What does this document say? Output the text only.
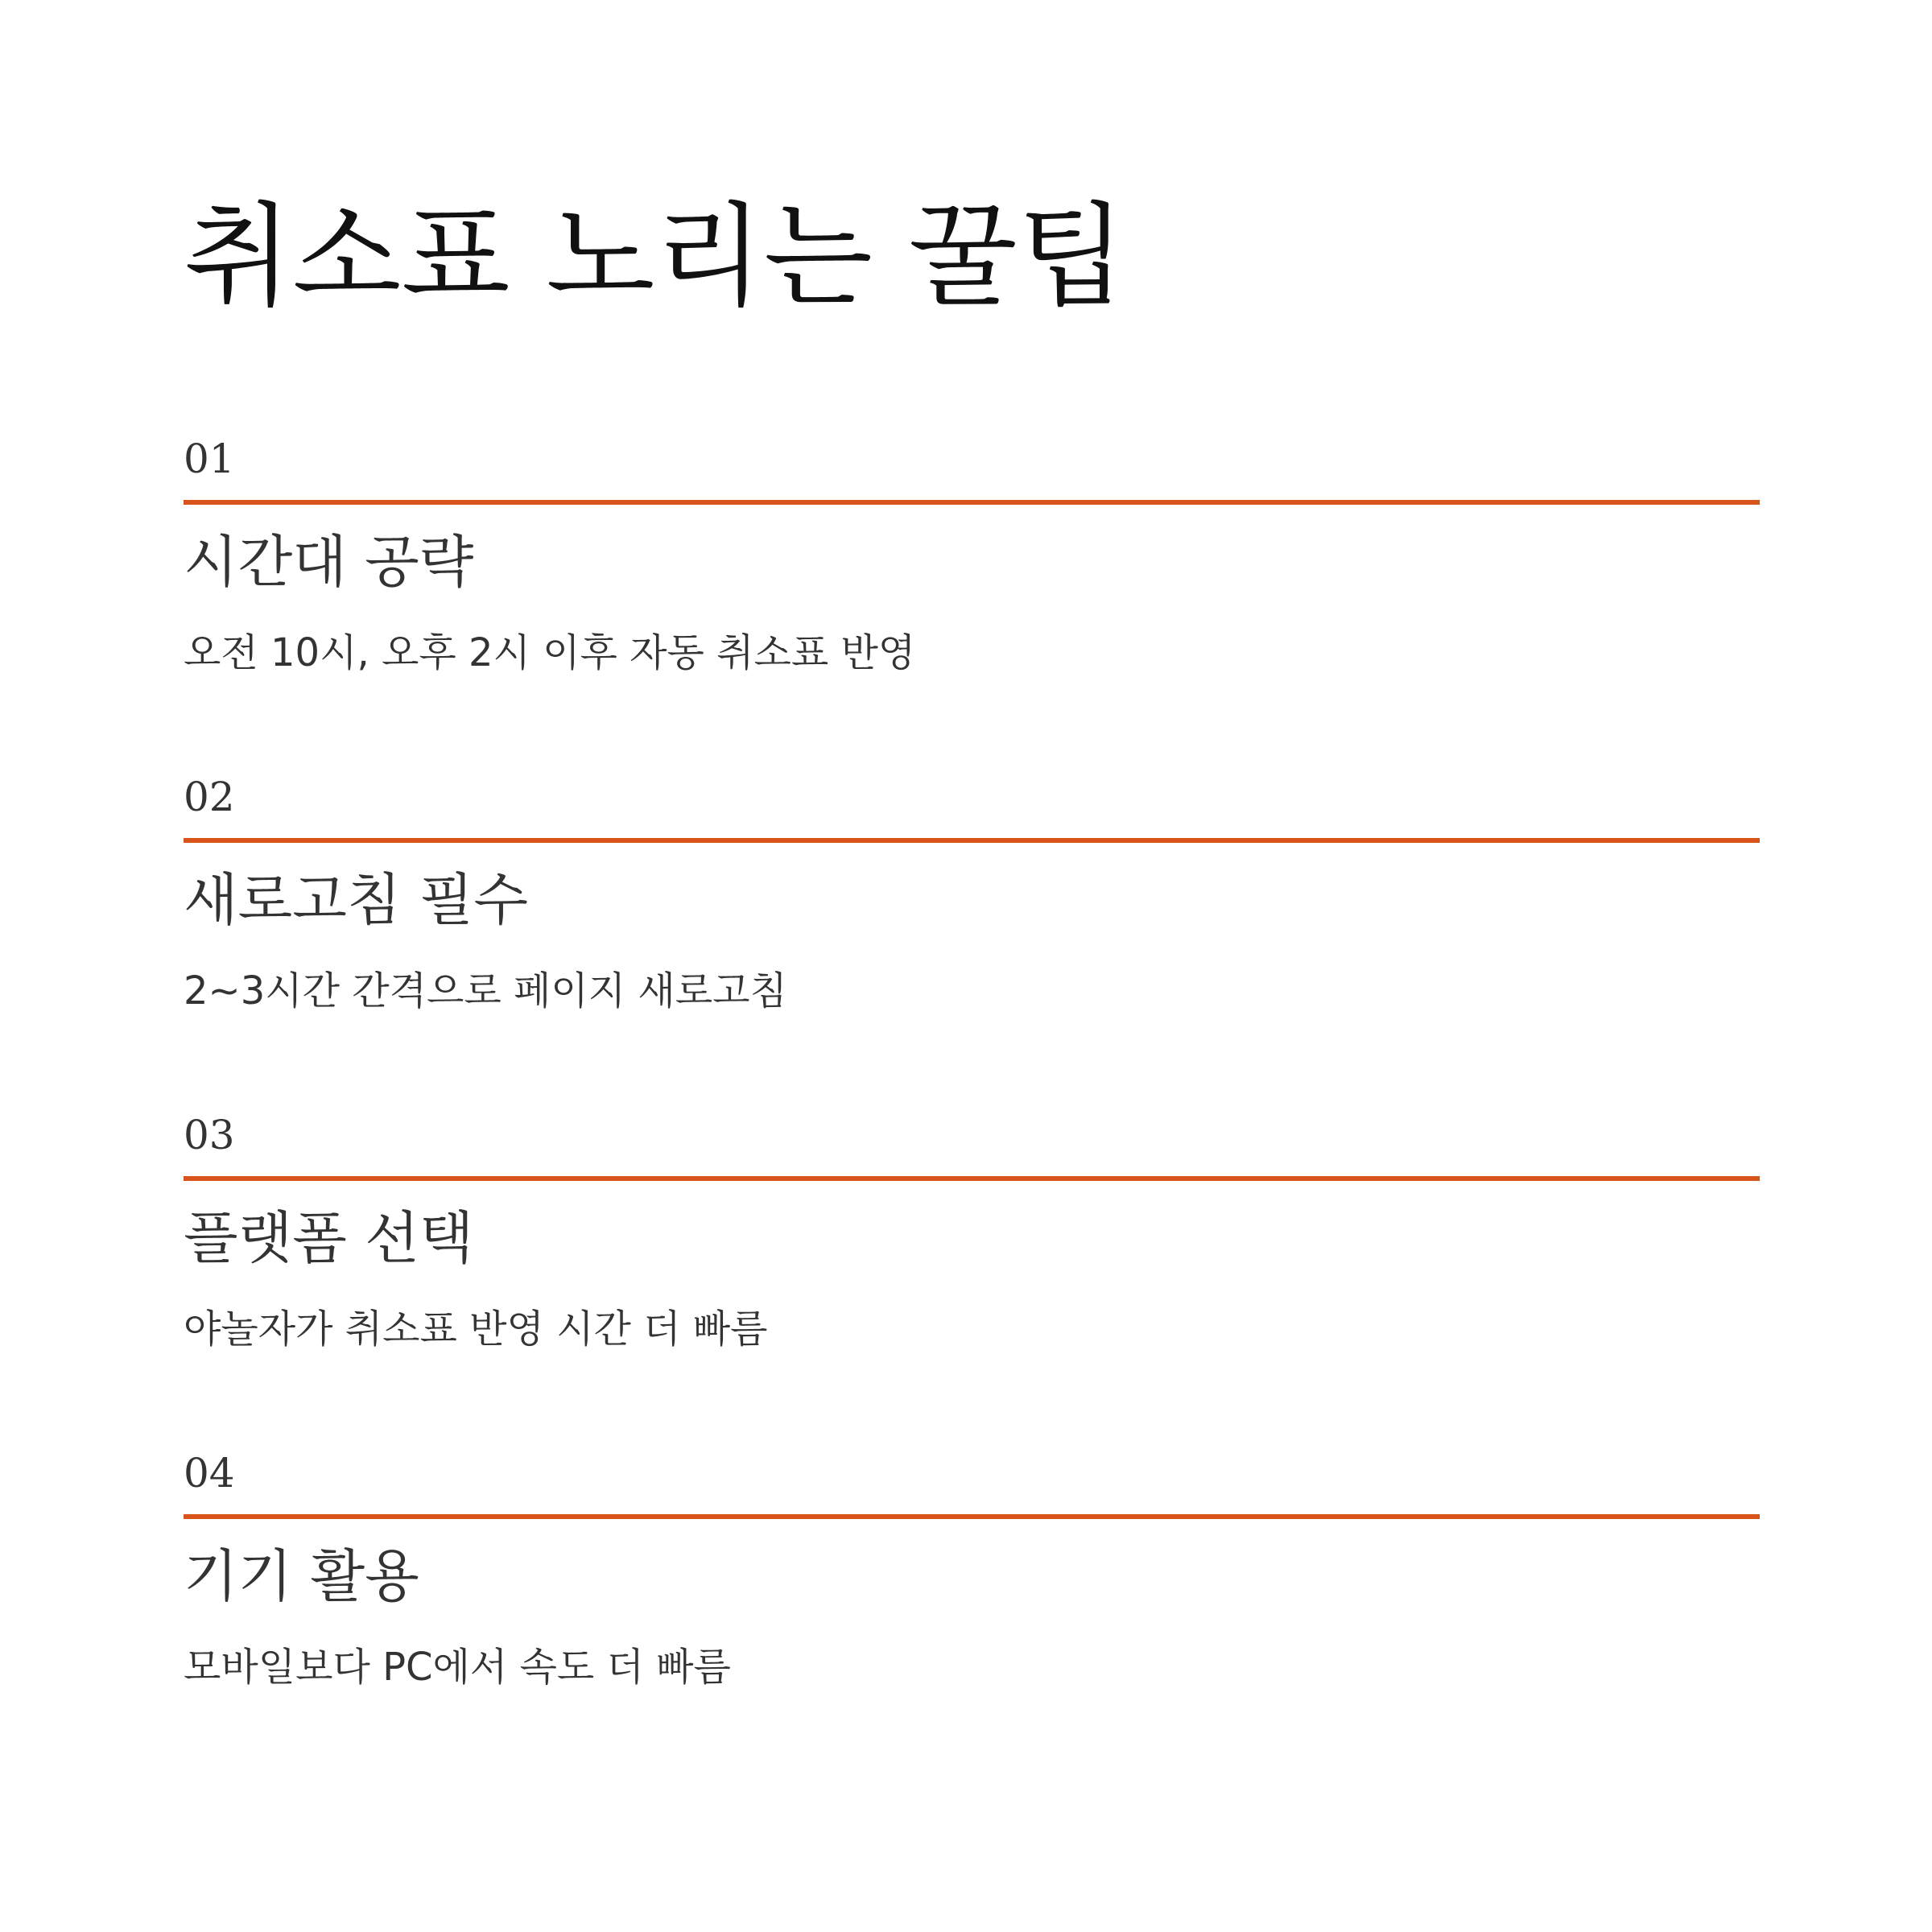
취소표 노리는 꿀팁
01
시간대 공략

오전 10시, 오후 2시 이후 자동 취소표 반영

02
새로고침 필수

2~3시간 간격으로 페이지 새로고침

03
플랫폼 선택

야놀자가 취소표 반영 시간 더 빠름

04
기기 활용

모바일보다 PC에서 속도 더 빠름
